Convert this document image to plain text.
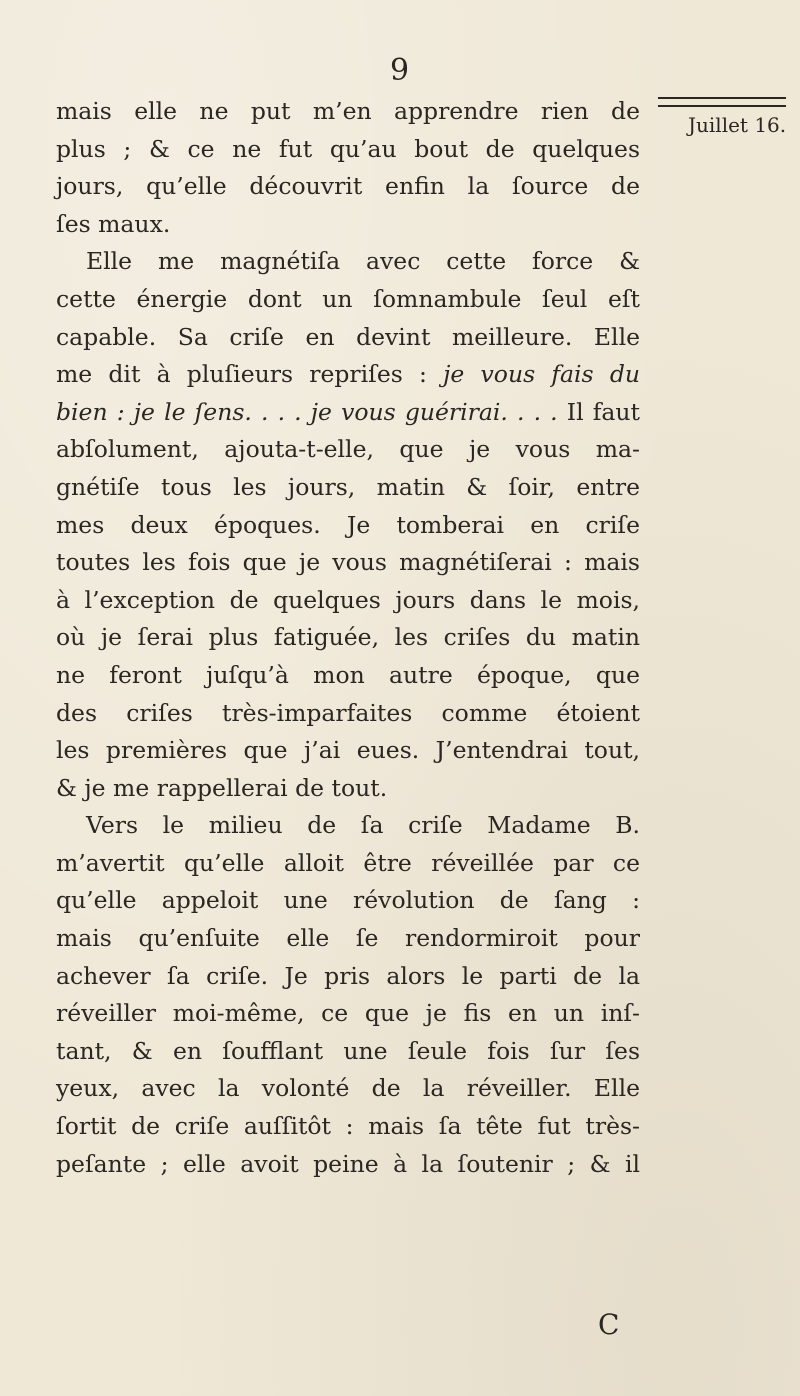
9
Juillet 16.
mais elle ne put m’en apprendre rien de
plus ; & ce ne fut qu’au bout de quelques
jours, qu’elle découvrit enfin la ſource de
ſes maux.
Elle me magnétiſa avec cette force &
cette énergie dont un ſomnambule ſeul eſt
capable. Sa criſe en devint meilleure. Elle
me dit à pluſieurs repriſes : je vous fais du
bien : je le ſens. . . . je vous guérirai. . . . Il faut
abſolument, ajouta-t-elle, que je vous ma-
gnétiſe tous les jours, matin & ſoir, entre
mes deux époques. Je tomberai en criſe
toutes les fois que je vous magnétiſerai : mais
à l’exception de quelques jours dans le mois,
où je ſerai plus fatiguée, les criſes du matin
ne feront juſqu’à mon autre époque, que
des criſes très-imparfaites comme étoient
les premières que j’ai eues. J’entendrai tout,
& je me rappellerai de tout.
Vers le milieu de ſa criſe Madame B.
m’avertit qu’elle alloit être réveillée par ce
qu’elle appeloit une révolution de ſang :
mais qu’enſuite elle ſe rendormiroit pour
achever ſa criſe. Je pris alors le parti de la
réveiller moi-même, ce que je fis en un inſ-
tant, & en ſoufflant une ſeule fois ſur ſes
yeux, avec la volonté de la réveiller. Elle
ſortit de criſe auſſitôt : mais ſa tête fut très-
peſante ; elle avoit peine à la ſoutenir ; & il
C
